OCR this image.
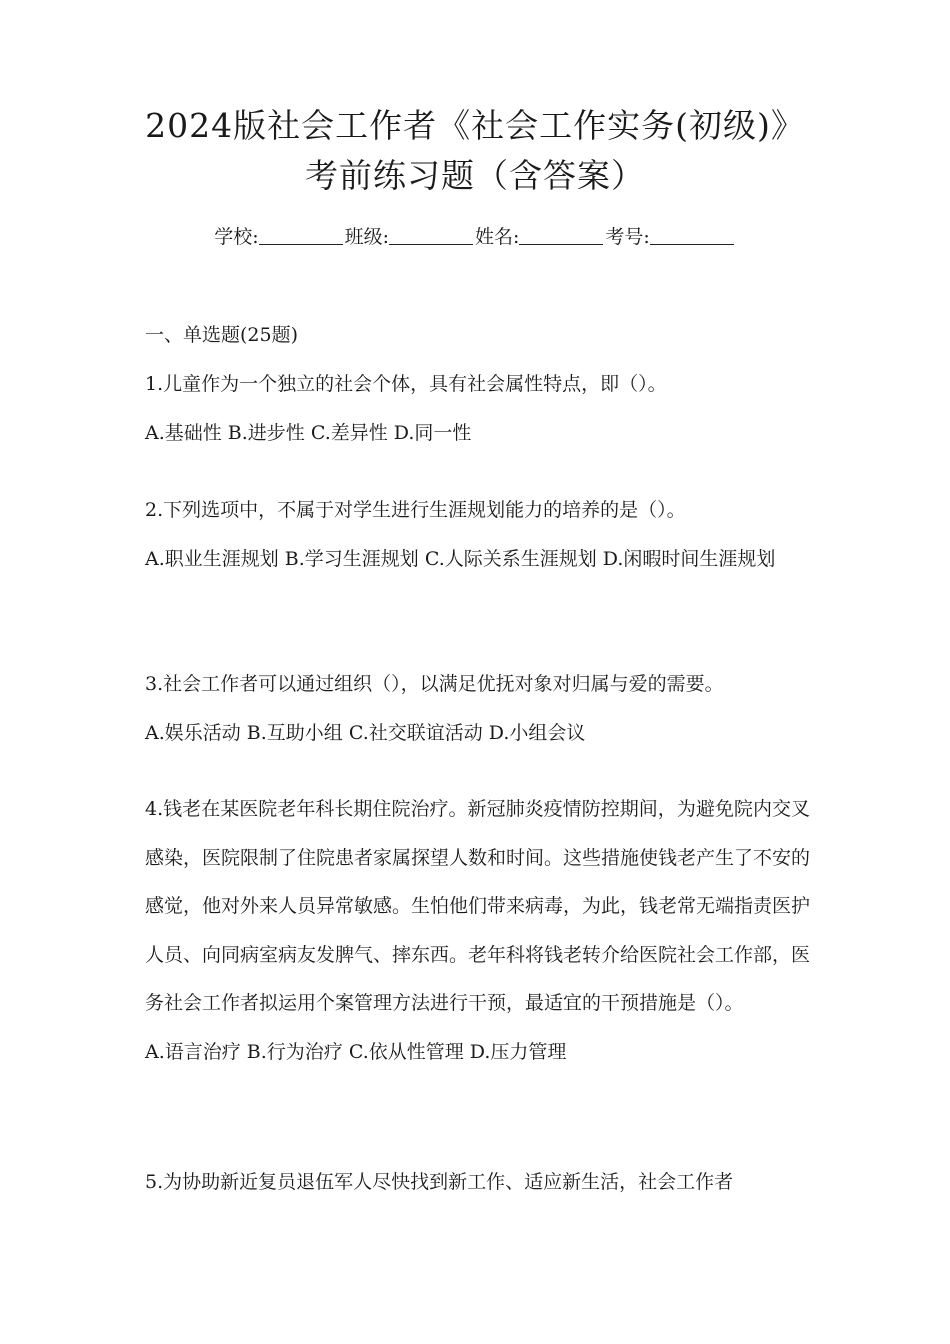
2024版社会工作者《社会工作实务(初级)》
考前练习题（含答案）
学校:	班级:	姓名:	考号:
一、单选题(25题)

1.儿童作为一个独立的社会个体，具有社会属性特点，即（）。

A.基础性 B.进步性 C.差异性 D.同一性

2.下列选项中，不属于对学生进行生涯规划能力的培养的是（）。

A.职业生涯规划 B.学习生涯规划 C.人际关系生涯规划 D.闲暇时间生涯规划

3.社会工作者可以通过组织（），以满足优抚对象对归属与爱的需要。

A.娱乐活动 B.互助小组 C.社交联谊活动 D.小组会议

4.钱老在某医院老年科长期住院治疗。新冠肺炎疫情防控期间，为避免院内交叉感染，医院限制了住院患者家属探望人数和时间。这些措施使钱老产生了不安的感觉，他对外来人员异常敏感。生怕他们带来病毒，为此，钱老常无端指责医护人员、向同病室病友发脾气、摔东西。老年科将钱老转介给医院社会工作部，医务社会工作者拟运用个案管理方法进行干预，最适宜的干预措施是（）。

A.语言治疗 B.行为治疗 C.依从性管理 D.压力管理

5.为协助新近复员退伍军人尽快找到新工作、适应新生活，社会工作者
